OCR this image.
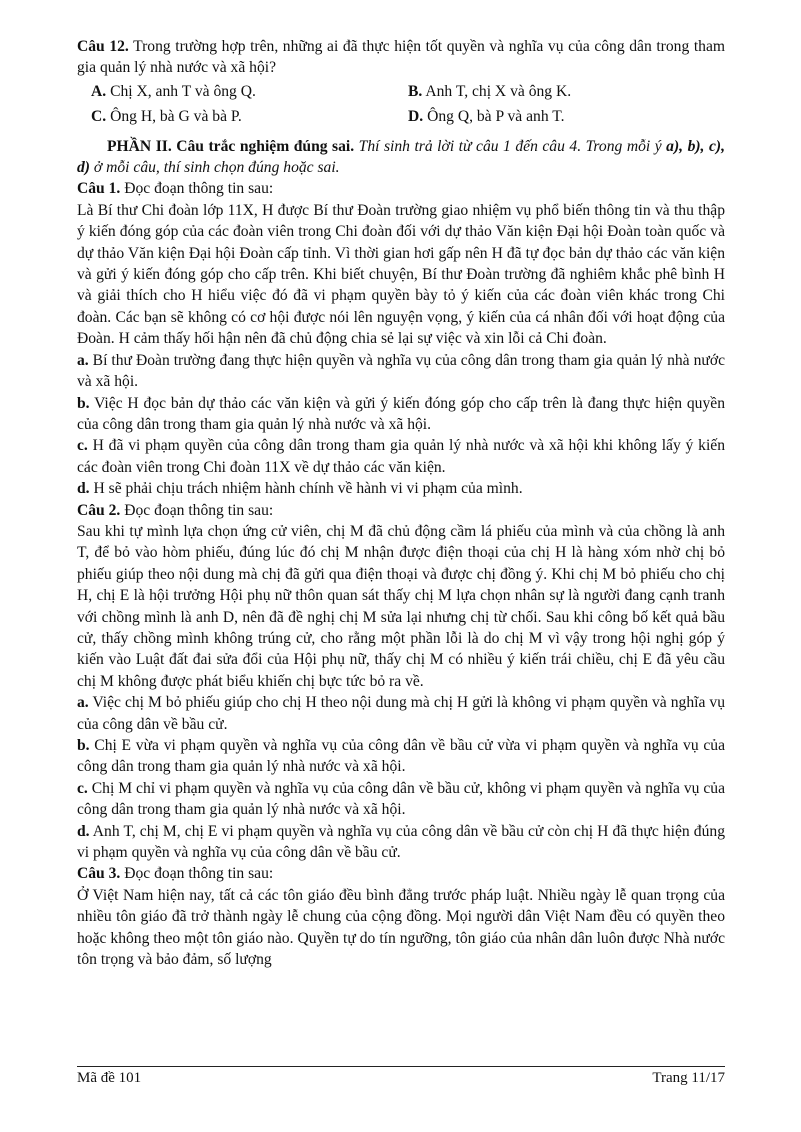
Câu 12. Trong trường hợp trên, những ai đã thực hiện tốt quyền và nghĩa vụ của công dân trong tham gia quản lý nhà nước và xã hội?

A. Chị X, anh T và ông Q.	B. Anh T, chị X và ông K.
C. Ông H, bà G và bà P.	D. Ông Q, bà P và anh T.

PHẦN II. Câu trắc nghiệm đúng sai. Thí sinh trả lời từ câu 1 đến câu 4. Trong mỗi ý a), b), c), d) ở mỗi câu, thí sinh chọn đúng hoặc sai.

Câu 1. Đọc đoạn thông tin sau:

Là Bí thư Chi đoàn lớp 11X, H được Bí thư Đoàn trường giao nhiệm vụ phổ biến thông tin và thu thập ý kiến đóng góp của các đoàn viên trong Chi đoàn đối với dự thảo Văn kiện Đại hội Đoàn toàn quốc và dự thảo Văn kiện Đại hội Đoàn cấp tỉnh. Vì thời gian hơi gấp nên H đã tự đọc bản dự thảo các văn kiện và gửi ý kiến đóng góp cho cấp trên. Khi biết chuyện, Bí thư Đoàn trường đã nghiêm khắc phê bình H và giải thích cho H hiểu việc đó đã vi phạm quyền bày tỏ ý kiến của các đoàn viên khác trong Chi đoàn. Các bạn sẽ không có cơ hội được nói lên nguyện vọng, ý kiến của cá nhân đối với hoạt động của Đoàn. H cảm thấy hối hận nên đã chủ động chia sẻ lại sự việc và xin lỗi cả Chi đoàn.

a. Bí thư Đoàn trường đang thực hiện quyền và nghĩa vụ của công dân trong tham gia quản lý nhà nước và xã hội.

b. Việc H đọc bản dự thảo các văn kiện và gửi ý kiến đóng góp cho cấp trên là đang thực hiện quyền của công dân trong tham gia quản lý nhà nước và xã hội.

c. H đã vi phạm quyền của công dân trong tham gia quản lý nhà nước và xã hội khi không lấy ý kiến các đoàn viên trong Chi đoàn 11X về dự thảo các văn kiện.

d. H sẽ phải chịu trách nhiệm hành chính về hành vi vi phạm của mình.

Câu 2. Đọc đoạn thông tin sau:

Sau khi tự mình lựa chọn ứng cử viên, chị M đã chủ động cầm lá phiếu của mình và của chồng là anh T, để bỏ vào hòm phiếu, đúng lúc đó chị M nhận được điện thoại của chị H là hàng xóm nhờ chị bỏ phiếu giúp theo nội dung mà chị đã gửi qua điện thoại và được chị đồng ý. Khi chị M bỏ phiếu cho chị H, chị E là hội trưởng Hội phụ nữ thôn quan sát thấy chị M lựa chọn nhân sự là người đang cạnh tranh với chồng mình là anh D, nên đã đề nghị chị M sửa lại nhưng chị từ chối. Sau khi công bố kết quả bầu cử, thấy chồng mình không trúng cử, cho rằng một phần lỗi là do chị M vì vậy trong hội nghị góp ý kiến vào Luật đất đai sửa đổi của Hội phụ nữ, thấy chị M có nhiều ý kiến trái chiều, chị E đã yêu cầu chị M không được phát biểu khiến chị bực tức bỏ ra về.

a. Việc chị M bỏ phiếu giúp cho chị H theo nội dung mà chị H gửi là không vi phạm quyền và nghĩa vụ của công dân về bầu cử.

b. Chị E vừa vi phạm quyền và nghĩa vụ của công dân về bầu cử vừa vi phạm quyền và nghĩa vụ của công dân trong tham gia quản lý nhà nước và xã hội.

c. Chị M chỉ vi phạm quyền và nghĩa vụ của công dân về bầu cử, không vi phạm quyền và nghĩa vụ của công dân trong tham gia quản lý nhà nước và xã hội.

d. Anh T, chị M, chị E vi phạm quyền và nghĩa vụ của công dân về bầu cử còn chị H đã thực hiện đúng vi phạm quyền và nghĩa vụ của công dân về bầu cử.

Câu 3. Đọc đoạn thông tin sau:

Ở Việt Nam hiện nay, tất cả các tôn giáo đều bình đẳng trước pháp luật. Nhiều ngày lễ quan trọng của nhiều tôn giáo đã trở thành ngày lễ chung của cộng đồng. Mọi người dân Việt Nam đều có quyền theo hoặc không theo một tôn giáo nào. Quyền tự do tín ngưỡng, tôn giáo của nhân dân luôn được Nhà nước tôn trọng và bảo đảm, số lượng

Mã đề 101	Trang 11/17
